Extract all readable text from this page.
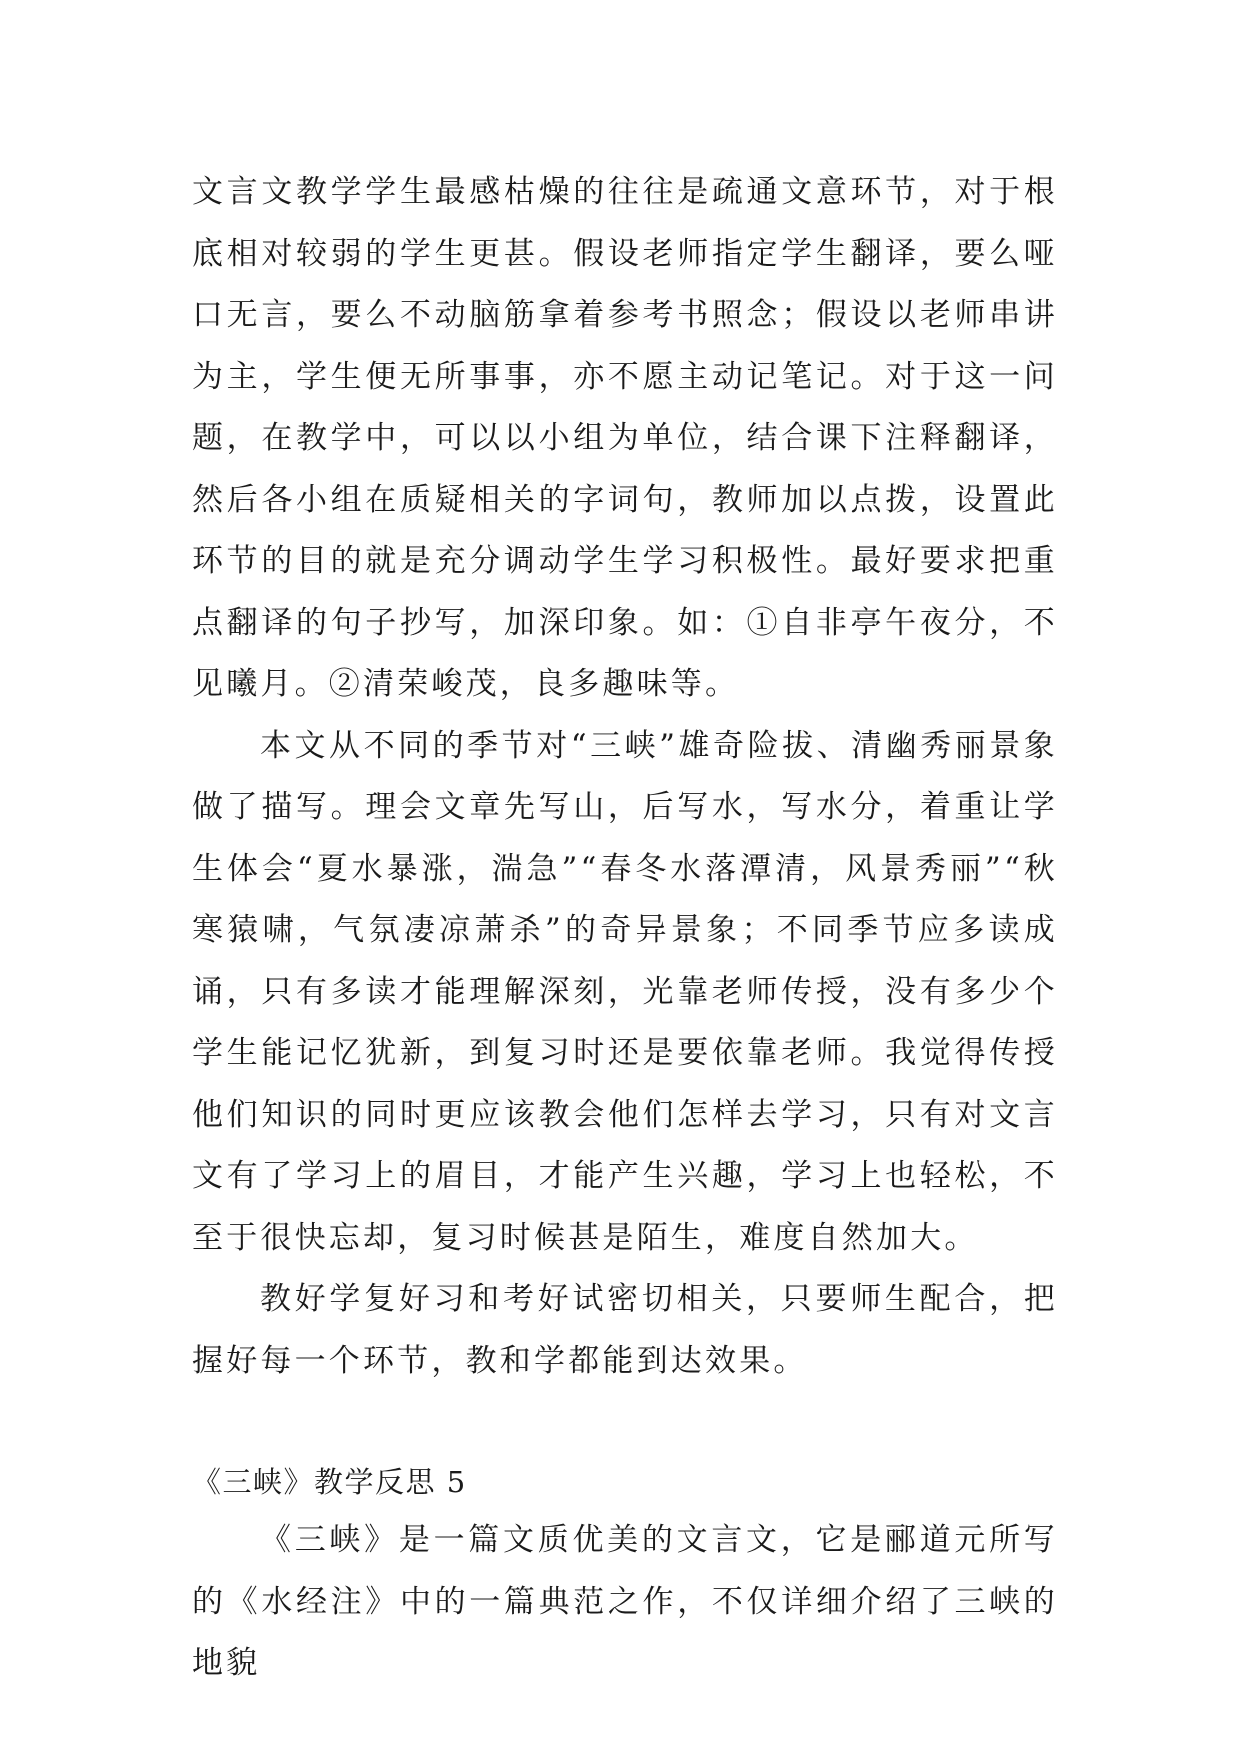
文言文教学学生最感枯燥的往往是疏通文意环节，对于根底相对较弱的学生更甚。假设老师指定学生翻译，要么哑口无言，要么不动脑筋拿着参考书照念；假设以老师串讲为主，学生便无所事事，亦不愿主动记笔记。对于这一问题，在教学中，可以以小组为单位，结合课下注释翻译，然后各小组在质疑相关的字词句，教师加以点拨，设置此环节的目的就是充分调动学生学习积极性。最好要求把重点翻译的句子抄写，加深印象。如：①自非亭午夜分，不见曦月。②清荣峻茂，良多趣味等。

本文从不同的季节对“三峡”雄奇险拔、清幽秀丽景象做了描写。理会文章先写山，后写水，写水分，着重让学生体会“夏水暴涨，湍急”“春冬水落潭清，风景秀丽”“秋寒猿啸，气氛凄凉萧杀”的奇异景象；不同季节应多读成诵，只有多读才能理解深刻，光靠老师传授，没有多少个学生能记忆犹新，到复习时还是要依靠老师。我觉得传授他们知识的同时更应该教会他们怎样去学习，只有对文言文有了学习上的眉目，才能产生兴趣，学习上也轻松，不至于很快忘却，复习时候甚是陌生，难度自然加大。

教好学复好习和考好试密切相关，只要师生配合，把握好每一个环节，教和学都能到达效果。

《三峡》教学反思 5

《三峡》是一篇文质优美的文言文，它是郦道元所写的《水经注》中的一篇典范之作，不仅详细介绍了三峡的地貌
